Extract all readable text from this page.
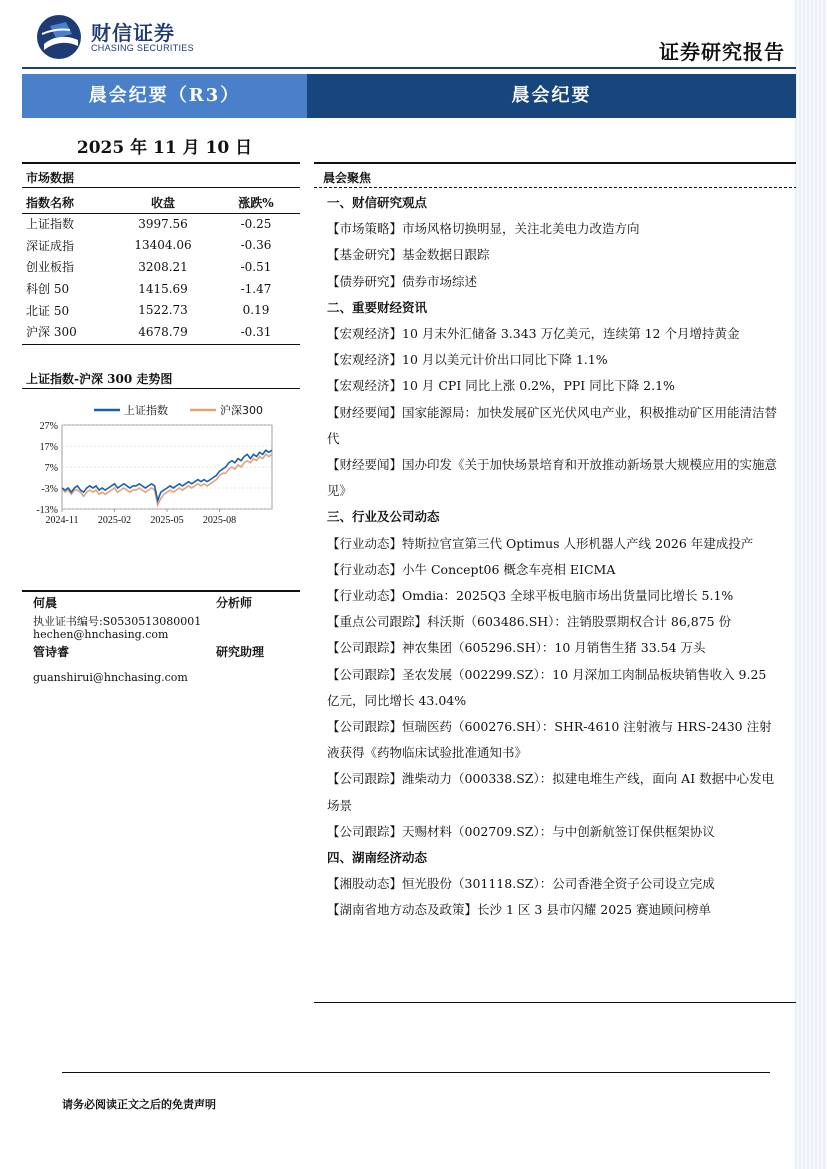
财信证券
CHASING SECURITIES	证券研究报告
晨会纪要（R3）	晨会纪要
2025 年 11 月 10 日
市场数据
指数名称	收盘	涨跌%
上证指数	3997.56	-0.25
深证成指	13404.06	-0.36
创业板指	3208.21	-0.51
科创 50	1415.69	-1.47
北证 50	1522.73	0.19
沪深 300	4678.79	-0.31
上证指数-沪深 300 走势图
27%
17%
7%
-3%
-13%
2024-11 2025-02 2025-05 2025-08
上证指数	沪深300
何晨	分析师
执业证书编号:S0530513080001
hechen@hnchasing.com
管诗睿	研究助理
guanshirui@hnchasing.com
晨会聚焦

一、财信研究观点

【市场策略】市场风格切换明显，关注北美电力改造方向

【基金研究】基金数据日跟踪

【债券研究】债券市场综述

二、重要财经资讯

【宏观经济】10 月末外汇储备 3.343 万亿美元，连续第 12 个月增持黄金

【宏观经济】10 月以美元计价出口同比下降 1.1%

【宏观经济】10 月 CPI 同比上涨 0.2%，PPI 同比下降 2.1%

【财经要闻】国家能源局：加快发展矿区光伏风电产业，积极推动矿区用能清洁替代

【财经要闻】国办印发《关于加快场景培育和开放推动新场景大规模应用的实施意见》

三、行业及公司动态

【行业动态】特斯拉官宣第三代 Optimus 人形机器人产线 2026 年建成投产

【行业动态】小牛 Concept06 概念车亮相 EICMA

【行业动态】Omdia：2025Q3 全球平板电脑市场出货量同比增长 5.1%

【重点公司跟踪】科沃斯（603486.SH）：注销股票期权合计 86,875 份

【公司跟踪】神农集团（605296.SH）：10 月销售生猪 33.54 万头

【公司跟踪】圣农发展（002299.SZ）：10 月深加工肉制品板块销售收入 9.25 亿元，同比增长 43.04%

【公司跟踪】恒瑞医药（600276.SH）：SHR-4610 注射液与 HRS-2430 注射液获得《药物临床试验批准通知书》

【公司跟踪】潍柴动力（000338.SZ）：拟建电堆生产线，面向 AI 数据中心发电场景

【公司跟踪】天赐材料（002709.SZ）：与中创新航签订保供框架协议

四、湖南经济动态

【湘股动态】恒光股份（301118.SZ）：公司香港全资子公司设立完成

【湖南省地方动态及政策】长沙 1 区 3 县市闪耀 2025 赛迪顾问榜单

请务必阅读正文之后的免责声明
